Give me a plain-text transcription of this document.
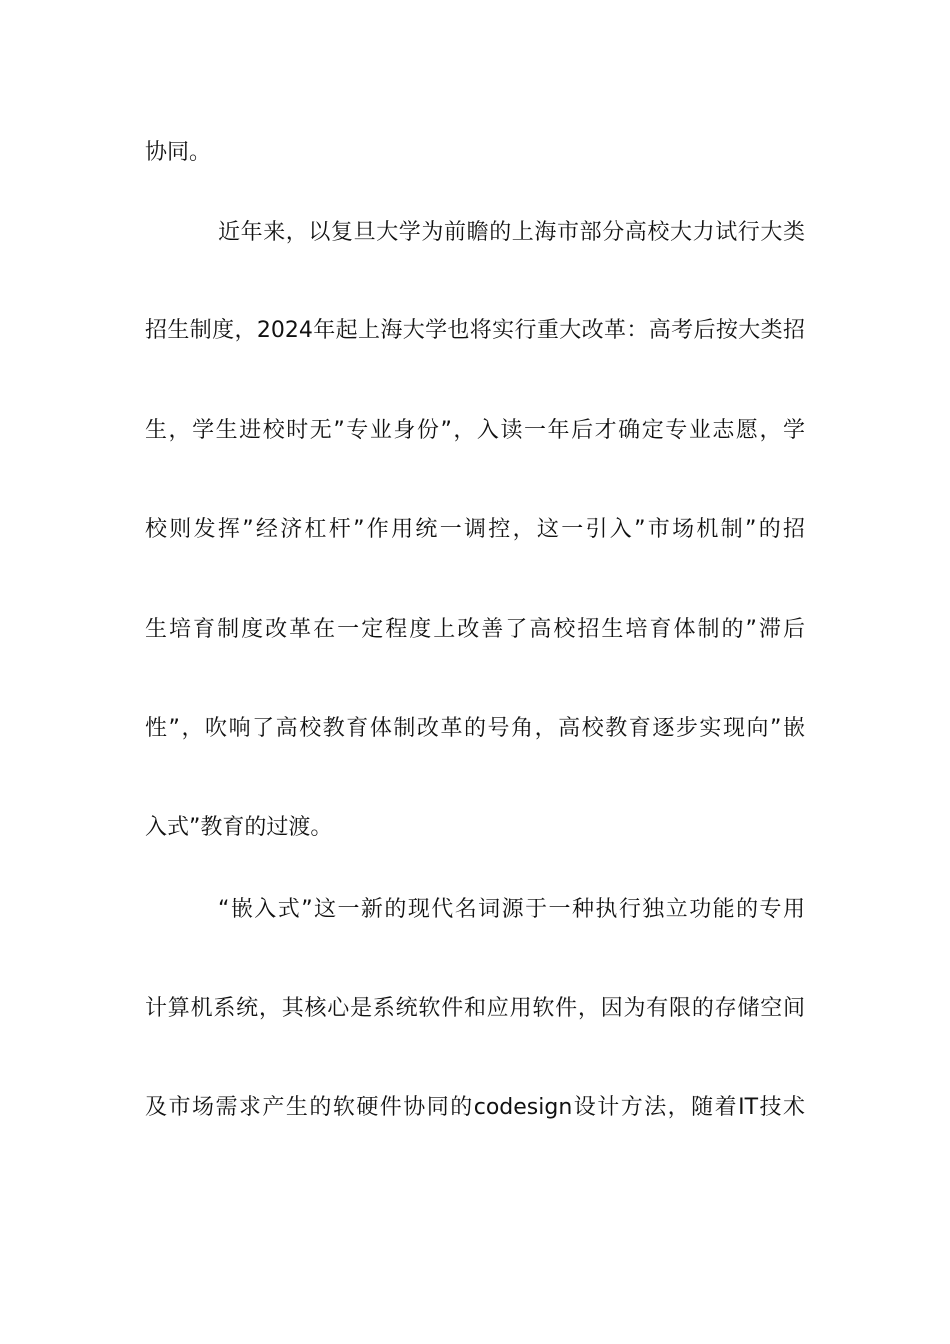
协同。

近年来，以复旦大学为前瞻的上海市部分高校大力试行大类

招生制度，2024年起上海大学也将实行重大改革：高考后按大类招

生，学生进校时无”专业身份”，入读一年后才确定专业志愿，学

校则发挥”经济杠杆”作用统一调控，这一引入”市场机制”的招

生培育制度改革在一定程度上改善了高校招生培育体制的”滞后

性”，吹响了高校教育体制改革的号角，高校教育逐步实现向”嵌

入式”教育的过渡。

“嵌入式”这一新的现代名词源于一种执行独立功能的专用

计算机系统，其核心是系统软件和应用软件，因为有限的存储空间

及市场需求产生的软硬件协同的codesign设计方法，随着IT技术
